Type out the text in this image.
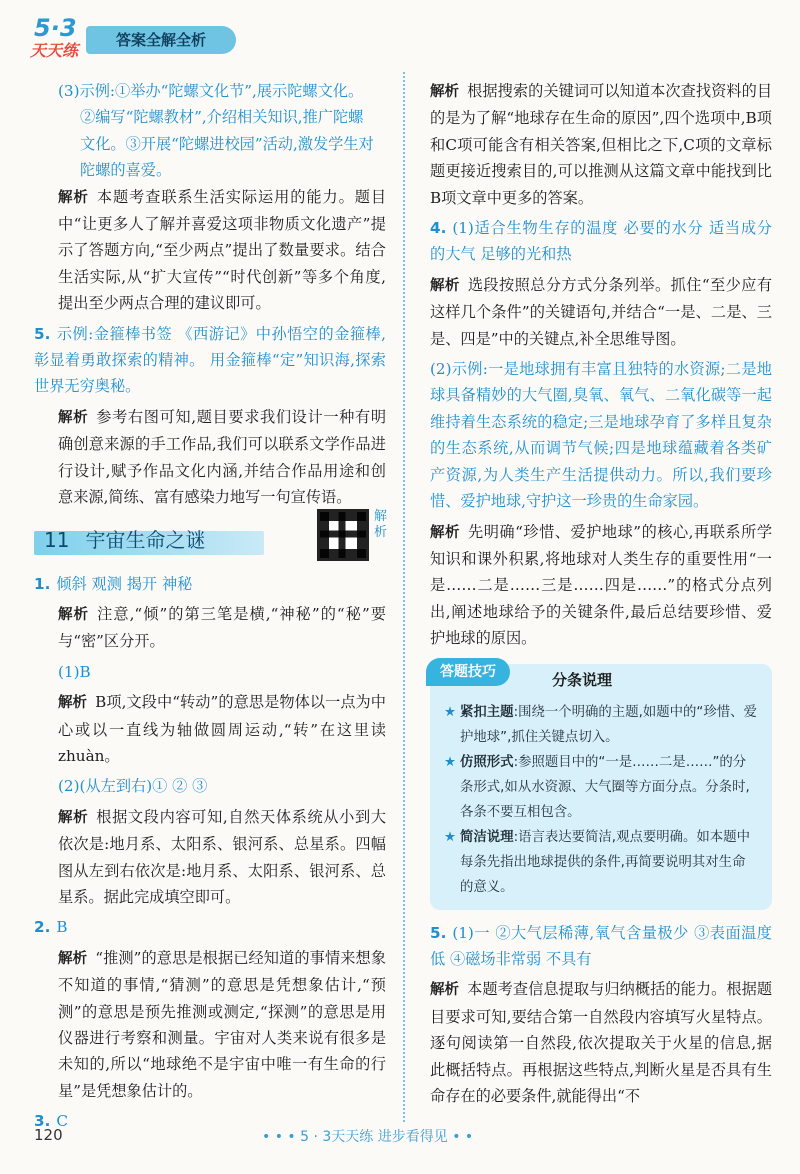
5·3
天天练
答案全解全析
(3)示例:①举办“陀螺文化节”,展示陀螺文化。
②编写“陀螺教材”,介绍相关知识,推广陀螺
文化。③开展“陀螺进校园”活动,激发学生对
陀螺的喜爱。
解析 本题考查联系生活实际运用的能力。题目中“让更多人了解并喜爱这项非物质文化遗产”提示了答题方向,“至少两点”提出了数量要求。结合生活实际,从“扩大宣传”“时代创新”等多个角度,提出至少两点合理的建议即可。
5. 示例:金箍棒书签 《西游记》中孙悟空的金箍棒,彰显着勇敢探索的精神。 用金箍棒“定”知识海,探索世界无穷奥秘。
解析 参考右图可知,题目要求我们设计一种有明确创意来源的手工作品,我们可以联系文学作品进行设计,赋予作品文化内涵,并结合作品用途和创意来源,简练、富有感染力地写一句宣传语。
11 宇宙生命之谜
解析
1. 倾斜 观测 揭开 神秘
解析 注意,“倾”的第三笔是横,“神秘”的“秘”要与“密”区分开。
(1)B
解析 B项,文段中“转动”的意思是物体以一点为中心或以一直线为轴做圆周运动,“转”在这里读 zhuàn。
(2)(从左到右)① ② ③
解析 根据文段内容可知,自然天体系统从小到大依次是:地月系、太阳系、银河系、总星系。四幅图从左到右依次是:地月系、太阳系、银河系、总星系。据此完成填空即可。
2. B
解析 “推测”的意思是根据已经知道的事情来想象不知道的事情,“猜测”的意思是凭想象估计,“预测”的意思是预先推测或测定,“探测”的意思是用仪器进行考察和测量。宇宙对人类来说有很多是未知的,所以“地球绝不是宇宙中唯一有生命的行星”是凭想象估计的。
3. C
解析 根据搜索的关键词可以知道本次查找资料的目的是为了解“地球存在生命的原因”,四个选项中,B项和C项可能含有相关答案,但相比之下,C项的文章标题更接近搜索目的,可以推测从这篇文章中能找到比B项文章中更多的答案。
4. (1)适合生物生存的温度 必要的水分 适当成分的大气 足够的光和热
解析 选段按照总分方式分条列举。抓住“至少应有这样几个条件”的关键语句,并结合“一是、二是、三是、四是”中的关键点,补全思维导图。
(2)示例:一是地球拥有丰富且独特的水资源;二是地球具备精妙的大气圈,臭氧、氧气、二氧化碳等一起维持着生态系统的稳定;三是地球孕育了多样且复杂的生态系统,从而调节气候;四是地球蕴藏着各类矿产资源,为人类生产生活提供动力。所以,我们要珍惜、爱护地球,守护这一珍贵的生命家园。
解析 先明确“珍惜、爱护地球”的核心,再联系所学知识和课外积累,将地球对人类生存的重要性用“一是……二是……三是……四是……”的格式分点列出,阐述地球给予的关键条件,最后总结要珍惜、爱护地球的原因。
答题技巧	分条说理
★ 紧扣主题:围绕一个明确的主题,如题中的“珍惜、爱护地球”,抓住关键点切入。
★ 仿照形式:参照题目中的“一是……二是……”的分条形式,如从水资源、大气圈等方面分点。分条时,各条不要互相包含。
★ 简洁说理:语言表达要简洁,观点要明确。如本题中每条先指出地球提供的条件,再简要说明其对生命的意义。
5. (1)一 ②大气层稀薄,氧气含量极少 ③表面温度低 ④磁场非常弱 不具有
解析 本题考查信息提取与归纳概括的能力。根据题目要求可知,要结合第一自然段内容填写火星特点。逐句阅读第一自然段,依次提取关于火星的信息,据此概括特点。再根据这些特点,判断火星是否具有生命存在的必要条件,就能得出“不
120	• • • 5 · 3天天练 进步看得见 • •
